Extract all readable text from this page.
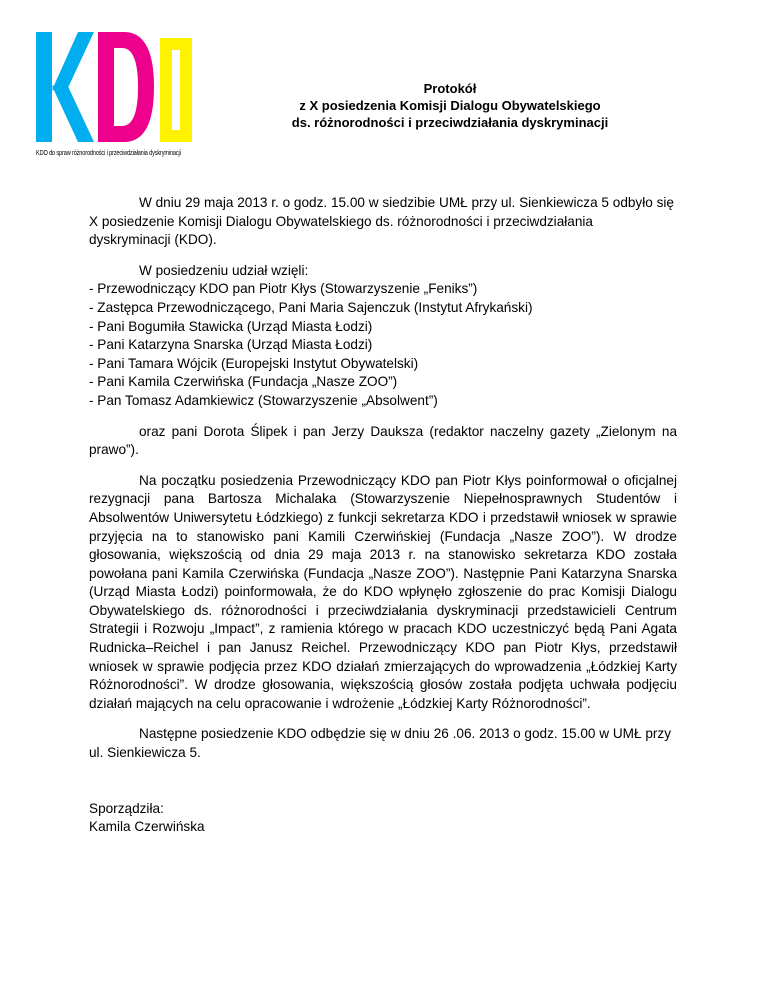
KDO do spraw różnorodności i przeciwdziałania dyskryminacji
Protokół
z X posiedzenia Komisji Dialogu Obywatelskiego
ds. różnorodności i przeciwdziałania dyskryminacji

W dniu 29 maja 2013 r. o godz. 15.00 w siedzibie UMŁ przy ul. Sienkiewicza 5 odbyło się X posiedzenie Komisji Dialogu Obywatelskiego ds. różnorodności i przeciwdziałania dyskryminacji (KDO).

W posiedzeniu udział wzięli:

- Przewodniczący KDO pan Piotr Kłys (Stowarzyszenie „Feniks”)

- Zastępca Przewodniczącego, Pani Maria Sajenczuk (Instytut Afrykański)

- Pani Bogumiła Stawicka (Urząd Miasta Łodzi)

- Pani Katarzyna Snarska (Urząd Miasta Łodzi)

- Pani Tamara Wójcik (Europejski Instytut Obywatelski)

- Pani Kamila Czerwińska (Fundacja „Nasze ZOO”)

- Pan Tomasz Adamkiewicz (Stowarzyszenie „Absolwent”)

oraz pani Dorota Ślipek i pan Jerzy Dauksza (redaktor naczelny gazety „Zielonym na prawo”).

Na początku posiedzenia Przewodniczący KDO pan Piotr Kłys poinformował o oficjalnej rezygnacji pana Bartosza Michalaka (Stowarzyszenie Niepełnosprawnych Studentów i Absolwentów Uniwersytetu Łódzkiego) z funkcji sekretarza KDO i przedstawił wniosek w sprawie przyjęcia na to stanowisko pani Kamili Czerwińskiej (Fundacja „Nasze ZOO”). W drodze głosowania, większością od dnia 29 maja 2013 r. na stanowisko sekretarza KDO została powołana pani Kamila Czerwińska (Fundacja „Nasze ZOO”). Następnie Pani Katarzyna Snarska (Urząd Miasta Łodzi) poinformowała, że do KDO wpłynęło zgłoszenie do prac Komisji Dialogu Obywatelskiego ds. różnorodności i przeciwdziałania dyskryminacji przedstawicieli Centrum Strategii i Rozwoju „Impact”, z ramienia którego w pracach KDO uczestniczyć będą Pani Agata Rudnicka–Reichel i pan Janusz Reichel. Przewodniczący KDO pan Piotr Kłys, przedstawił wniosek w sprawie podjęcia przez KDO działań zmierzających do wprowadzenia „Łódzkiej Karty Różnorodności”. W drodze głosowania, większością głosów została podjęta uchwała podjęciu działań mających na celu opracowanie i wdrożenie „Łódzkiej Karty Różnorodności”.

Następne posiedzenie KDO odbędzie się w dniu 26 .06. 2013 o godz. 15.00 w UMŁ przy ul. Sienkiewicza 5.

Sporządziła:

Kamila Czerwińska
